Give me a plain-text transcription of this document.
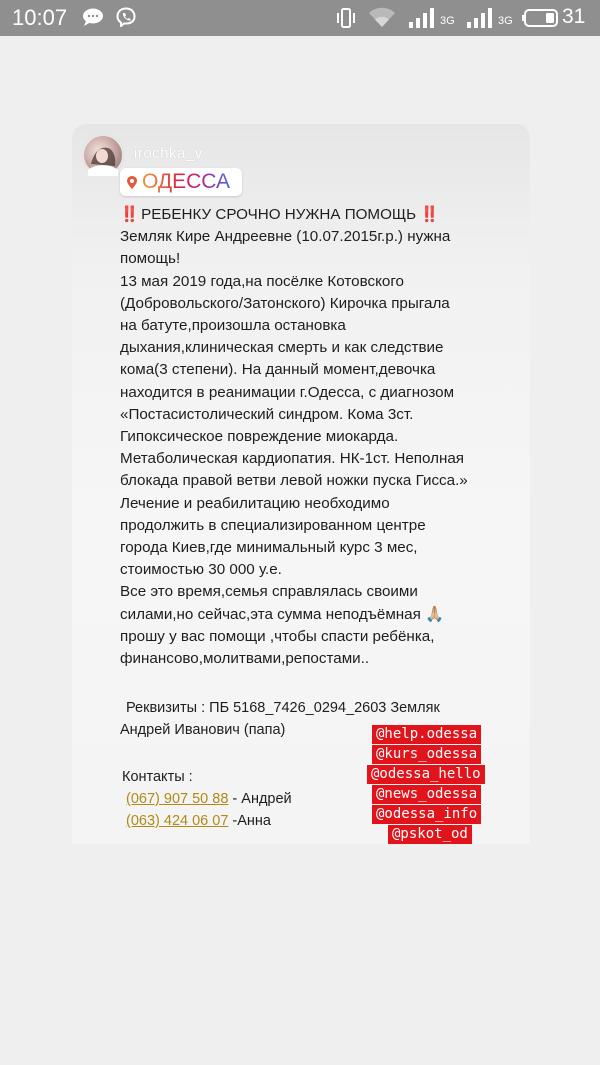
10:07	3G	3G 31
irochka_v
ОДЕССА
‼️ РЕБЕНКУ СРОЧНО НУЖНА ПОМОЩЬ ‼️
Земляк Кире Андреевне (10.07.2015г.р.) нужна
помощь!
13 мая 2019 года,на посёлке Котовского
(Добровольского/Затонского) Кирочка прыгала
на батуте,произошла остановка
дыхания,клиническая смерть и как следствие
кома(3 степени). На данный момент,девочка
находится в реанимации г.Одесса, с диагнозом
«Постасистолический синдром. Кома 3ст.
Гипоксическое повреждение миокарда.
Метаболическая кардиопатия. НК-1ст. Неполная
блокада правой ветви левой ножки пуска Гисса.»
Лечение и реабилитацию необходимо
продолжить в специализированном центре
города Киев,где минимальный курс 3 мес,
стоимостью 30 000 у.е.
Все это время,семья справлялась своими
силами,но сейчас,эта сумма неподъёмная 🙏🏼
прошу у вас помощи ,чтобы спасти ребёнка,
финансово,молитвами,репостами..
Реквизиты : ПБ 5168_7426_0294_2603 Земляк
Андрей Иванович (папа)
Контакты :
(067) 907 50 88 - Андрей
(063) 424 06 07 -Анна
@help.odessa
@kurs_odessa
@odessa_hello
@news_odessa
@odessa_info
@pskot_od
